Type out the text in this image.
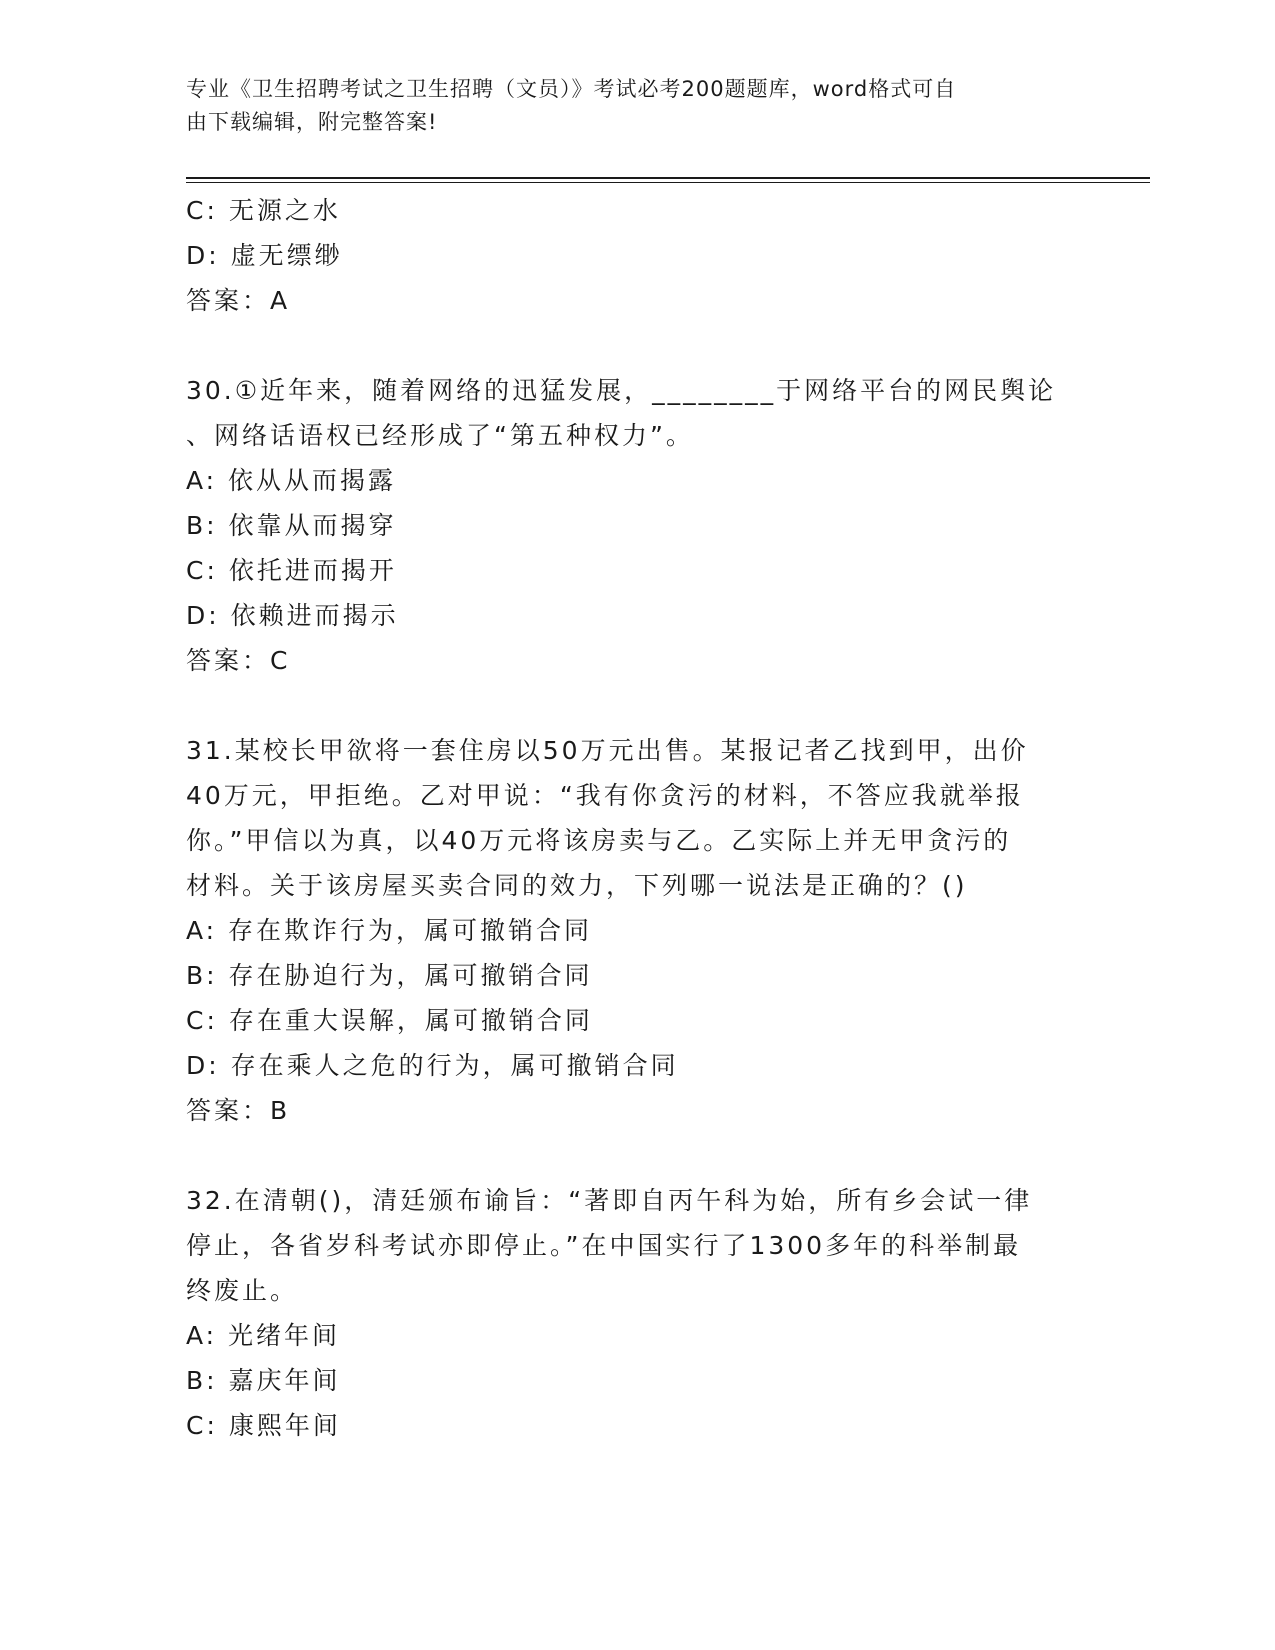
专业《卫生招聘考试之卫生招聘（文员）》考试必考200题题库，word格式可自
由下载编辑，附完整答案!
C: 无源之水
D: 虚无缥缈
答案：A
30.①近年来，随着网络的迅猛发展，________于网络平台的网民舆论
、网络话语权已经形成了“第五种权力”。
A: 依从从而揭露
B: 依靠从而揭穿
C: 依托进而揭开
D: 依赖进而揭示
答案：C
31.某校长甲欲将一套住房以50万元出售。某报记者乙找到甲，出价
40万元，甲拒绝。乙对甲说：“我有你贪污的材料，不答应我就举报
你。”甲信以为真，以40万元将该房卖与乙。乙实际上并无甲贪污的
材料。关于该房屋买卖合同的效力，下列哪一说法是正确的？()
A: 存在欺诈行为，属可撤销合同
B: 存在胁迫行为，属可撤销合同
C: 存在重大误解，属可撤销合同
D: 存在乘人之危的行为，属可撤销合同
答案：B
32.在清朝()，清廷颁布谕旨：“著即自丙午科为始，所有乡会试一律
停止，各省岁科考试亦即停止。”在中国实行了1300多年的科举制最
终废止。
A: 光绪年间
B: 嘉庆年间
C: 康熙年间
